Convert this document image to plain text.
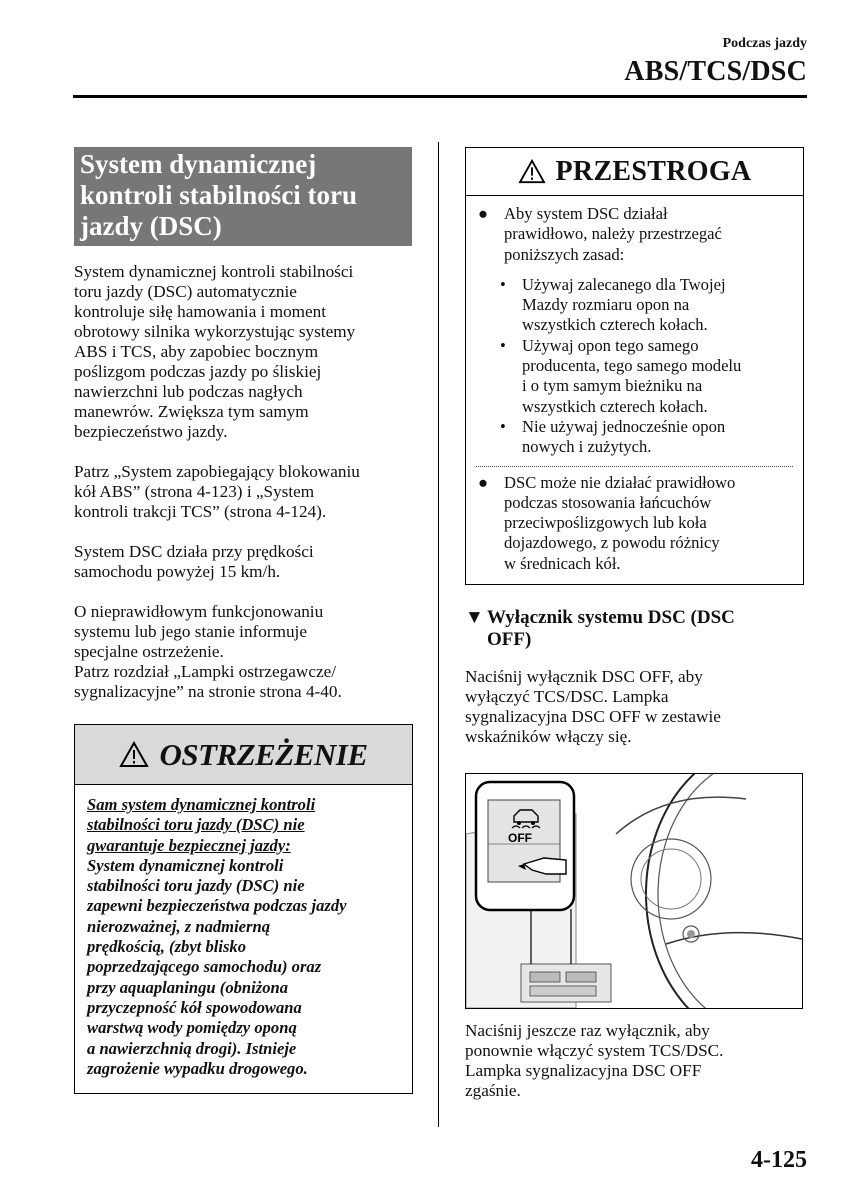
Podczas jazdy
ABS/TCS/DSC
System dynamicznej kontroli stabilności toru jazdy (DSC)

System dynamicznej kontroli stabilności
toru jazdy (DSC) automatycznie
kontroluje siłę hamowania i moment
obrotowy silnika wykorzystując systemy
ABS i TCS, aby zapobiec bocznym
poślizgom podczas jazdy po śliskiej
nawierzchni lub podczas nagłych
manewrów. Zwiększa tym samym
bezpieczeństwo jazdy.

Patrz „System zapobiegający blokowaniu
kół ABS” (strona 4-123) i „System
kontroli trakcji TCS” (strona 4-124).

System DSC działa przy prędkości
samochodu powyżej 15 km/h.

O nieprawidłowym funkcjonowaniu
systemu lub jego stanie informuje
specjalne ostrzeżenie.
Patrz rozdział „Lampki ostrzegawcze/
sygnalizacyjne” na stronie strona 4-40.

OSTRZEŻENIE
Sam system dynamicznej kontroli
stabilności toru jazdy (DSC) nie
gwarantuje bezpiecznej jazdy:
System dynamicznej kontroli
stabilności toru jazdy (DSC) nie
zapewni bezpieczeństwa podczas jazdy
nierozważnej, z nadmierną
prędkością, (zbyt blisko
poprzedzającego samochodu) oraz
przy aquaplaningu (obniżona
przyczepność kół spowodowana
warstwą wody pomiędzy oponą
a nawierzchnią drogi). Istnieje
zagrożenie wypadku drogowego.
PRZESTROGA
● Aby system DSC działał
prawidłowo, należy przestrzegać
poniższych zasad:
• Używaj zalecanego dla Twojej
Mazdy rozmiaru opon na
wszystkich czterech kołach.
• Używaj opon tego samego
producenta, tego samego modelu
i o tym samym bieżniku na
wszystkich czterech kołach.
• Nie używaj jednocześnie opon
nowych i zużytych.
● DSC może nie działać prawidłowo
podczas stosowania łańcuchów
przeciwpoślizgowych lub koła
dojazdowego, z powodu różnicy
w średnicach kół.
▼ Wyłącznik systemu DSC (DSC
OFF)

Naciśnij wyłącznik DSC OFF, aby
wyłączyć TCS/DSC. Lampka
sygnalizacyjna DSC OFF w zestawie
wskaźników włączy się.

OFF

Naciśnij jeszcze raz wyłącznik, aby
ponownie włączyć system TCS/DSC.
Lampka sygnalizacyjna DSC OFF
zgaśnie.

4-125
